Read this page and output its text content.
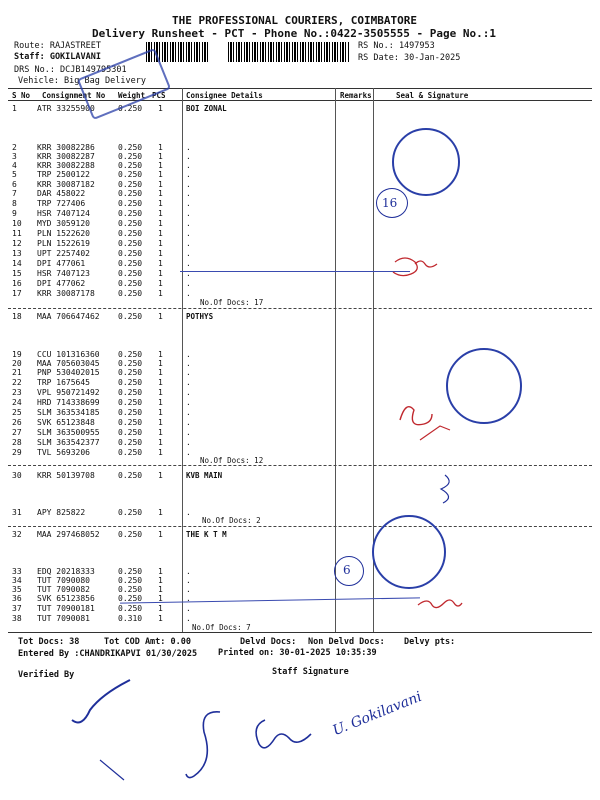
THE PROFESSIONAL COURIERS, COIMBATORE
Delivery Runsheet - PCT - Phone No.:0422-3505555 - Page No.:1
Route: RAJASTREET
Staff: GOKILAVANI
DRS No.: DCJB149795301
Vehicle: Big Bag Delivery
RS No.: 1497953
RS Date: 30-Jan-2025
S No Consignment No Weight PCS	Consignee Details	Remarks	Seal & Signature
BOI ZONAL
1	ATR 33255900	0.250 1
2	KRR 30082286	0.250 1	.
3	KRR 30082287	0.250 1	.
4	KRR 30082288	0.250 1	.
5	TRP 2500122	0.250 1	.
6	KRR 30087182	0.250 1	.
7	DAR 458022	0.250 1	.
8	TRP 727406	0.250 1	.
9	HSR 7407124	0.250 1	.
10 MYD 3059120	0.250 1	.
11 PLN 1522620	0.250 1	.
12 PLN 1522619	0.250 1	.
13 UPT 2257402	0.250 1	.
14 DPI 477061	0.250 1	.
15 HSR 7407123	0.250 1	.
16 DPI 477062	0.250 1	.
17 KRR 30087178	0.250 1	.
No.Of Docs: 17
POTHYS
18 MAA 706647462 0.250 1
19 CCU 101316360 0.250 1	.
20 MAA 705603045 0.250 1	.
21 PNP 530402015 0.250 1	.
22 TRP 1675645	0.250 1	.
23 VPL 950721492 0.250 1	.
24 HRD 714338699 0.250 1	.
25 SLM 363534185 0.250 1	.
26 SVK 65123848	0.250 1	.
27 SLM 363500955 0.250 1	.
28 SLM 363542377 0.250 1	.
29 TVL 5693206	0.250 1	.
No.Of Docs: 12
KVB MAIN
30 KRR 50139708	0.250 1
31 APY 825822	0.250 1	.
No.Of Docs: 2
THE K T M
32 MAA 297468052 0.250 1
33 EDQ 20218333	0.250 1	.
34 TUT 7090080	0.250 1	.
35 TUT 7090082	0.250 1	.
36 SVK 65123856	0.250 1	.
37 TUT 70900181	0.250 1	.
38 TUT 7090081	0.310 1	.
No.Of Docs: 7
Tot Docs: 38	Tot COD Amt: 0.00	Delvd Docs: Non Delvd Docs: Delvy pts:
Entered By :CHANDRIKAPVI 01/30/2025 Printed on: 30-01-2025 10:35:39
Verified By	Staff Signature
16
6
U. Gokilavani
